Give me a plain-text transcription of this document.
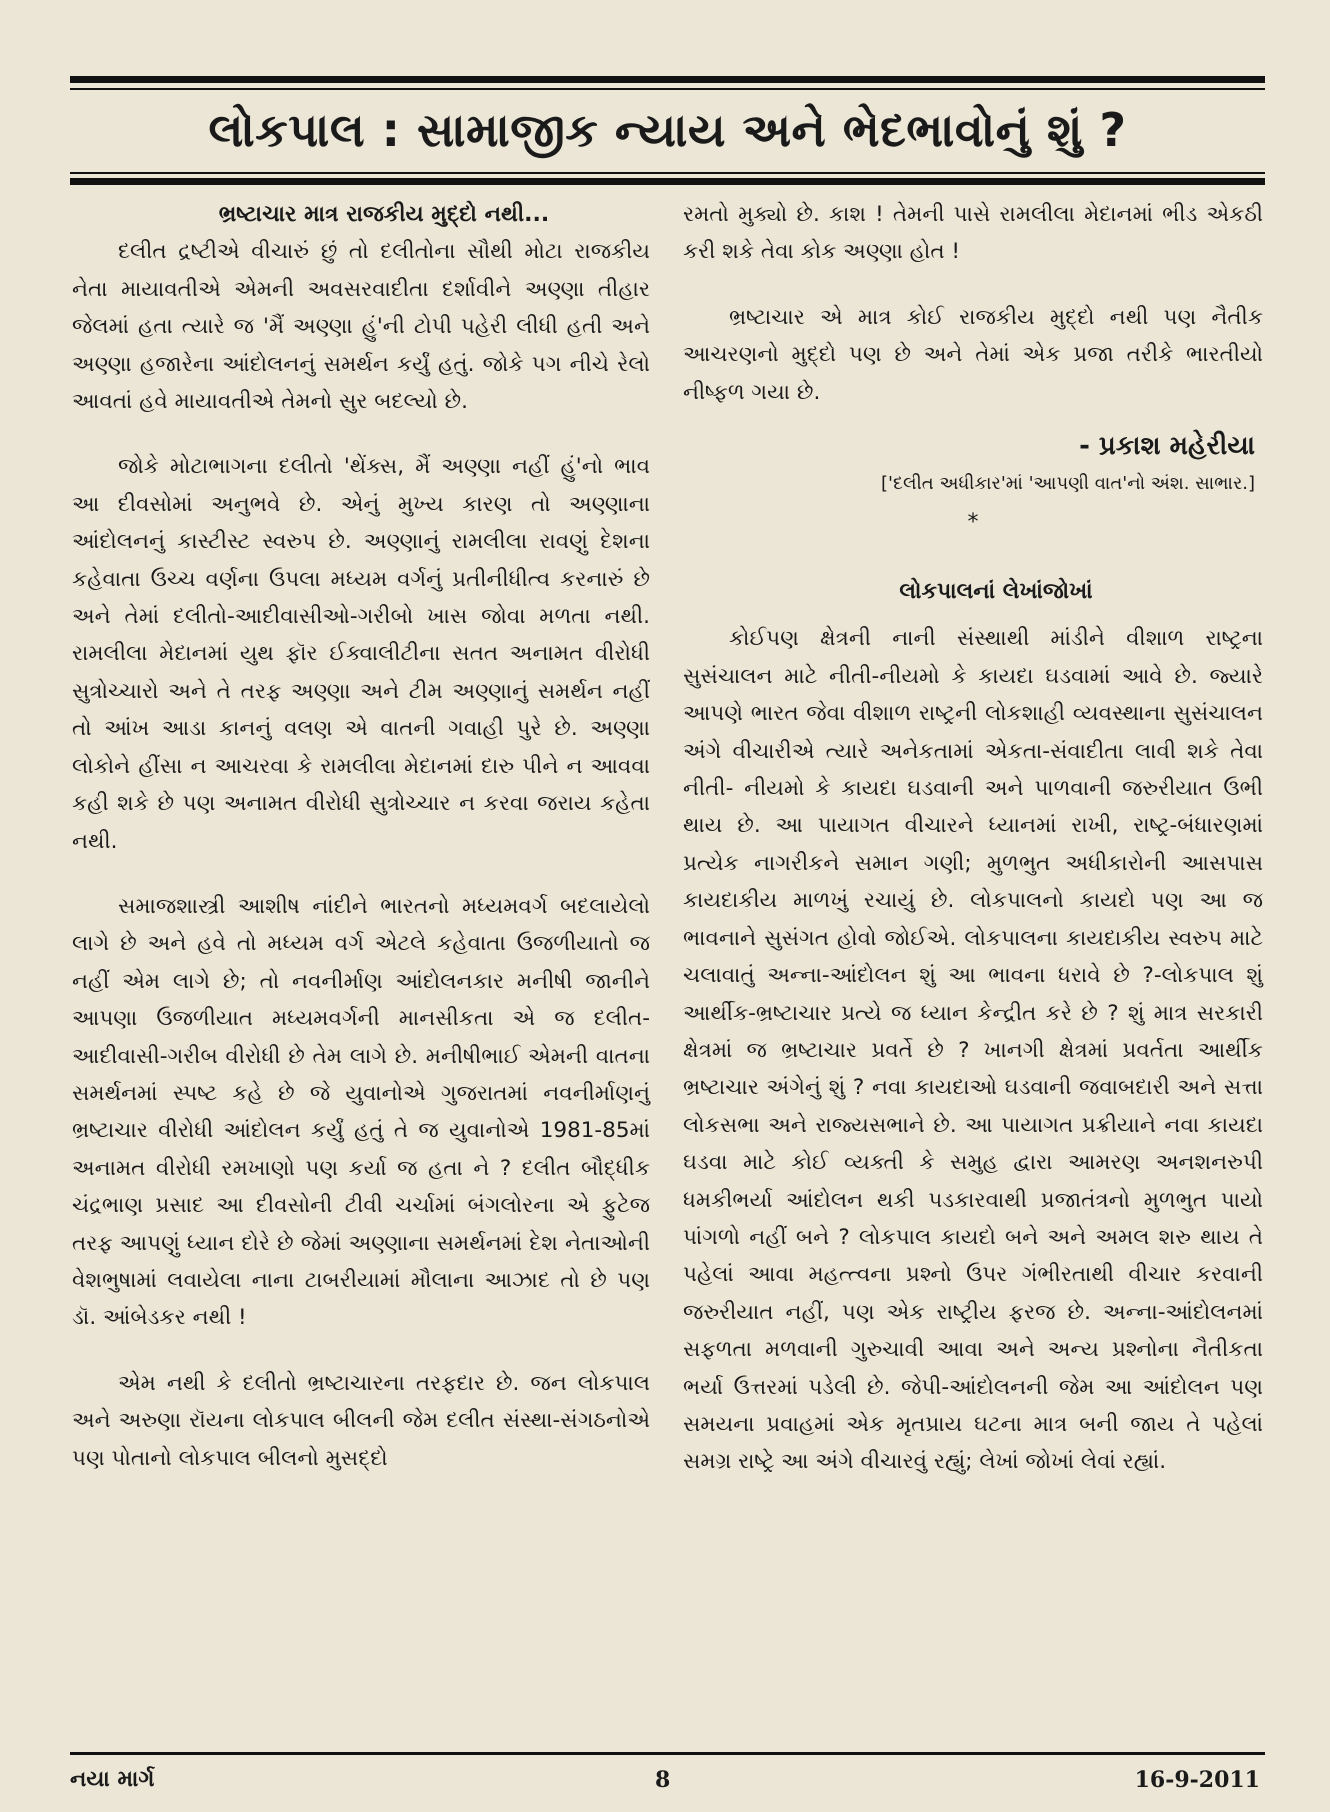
લોકપાલ : સામાજીક ન્યાય અને ભેદભાવોનું શું ?

ભ્રષ્ટાચાર માત્ર રાજકીય મુદ્દો નથી...

દલીત દ્રષ્ટીએ વીચારું છું તો દલીતોના સૌથી મોટા રાજકીય નેતા માયાવતીએ એમની અવસરવાદીતા દર્શાવીને અણ્ણા તીહાર જેલમાં હતા ત્યારે જ 'મૈં અણ્ણા હું'ની ટોપી પહેરી લીધી હતી અને અણ્ણા હજારેના આંદોલનનું સમર્થન કર્યું હતું. જોકે પગ નીચે રેલો આવતાં હવે માયાવતીએ તેમનો સુર બદલ્યો છે.

જોકે મોટાભાગના દલીતો 'થેંક્સ, મૈં અણ્ણા નહીં હું'નો ભાવ આ દીવસોમાં અનુભવે છે. એનું મુખ્ય કારણ તો અણ્ણાના આંદોલનનું કાસ્ટીસ્ટ સ્વરુપ છે. અણ્ણાનું રામલીલા રાવણું દેશના કહેવાતા ઉચ્ચ વર્ણના ઉપલા મધ્યમ વર્ગનું પ્રતીનીધીત્વ કરનારું છે અને તેમાં દલીતો-આદીવાસીઓ-ગરીબો ખાસ જોવા મળતા નથી. રામલીલા મેદાનમાં યુથ ફૉર ઈક્વાલીટીના સતત અનામત વીરોધી સુત્રોચ્ચારો અને તે તરફ અણ્ણા અને ટીમ અણ્ણાનું સમર્થન નહીં તો આંખ આડા કાનનું વલણ એ વાતની ગવાહી પુરે છે. અણ્ણા લોકોને હીંસા ન આચરવા કે રામલીલા મેદાનમાં દારુ પીને ન આવવા કહી શકે છે પણ અનામત વીરોધી સુત્રોચ્ચાર ન કરવા જરાય કહેતા નથી.

સમાજશાસ્ત્રી આશીષ નાંદીને ભારતનો મધ્યમવર્ગ બદલાયેલો લાગે છે અને હવે તો મધ્યમ વર્ગ એટલે કહેવાતા ઉજળીયાતો જ નહીં એમ લાગે છે; તો નવનીર્માણ આંદોલનકાર મનીષી જાનીને આપણા ઉજળીયાત મધ્યમવર્ગની માનસીકતા એ જ દલીત-આદીવાસી-ગરીબ વીરોધી છે તેમ લાગે છે. મનીષીભાઈ એમની વાતના સમર્થનમાં સ્પષ્ટ કહે છે જે યુવાનોએ ગુજરાતમાં નવનીર્માણનું ભ્રષ્ટાચાર વીરોધી આંદોલન કર્યું હતું તે જ યુવાનોએ 1981-85માં અનામત વીરોધી રમખાણો પણ કર્યા જ હતા ને ? દલીત બૌદ્ધીક ચંદ્રભાણ પ્રસાદ આ દીવસોની ટીવી ચર્ચામાં બંગલોરના એ ફુટેજ તરફ આપણું ધ્યાન દોરે છે જેમાં અણ્ણાના સમર્થનમાં દેશ નેતાઓની વેશભુષામાં લવાયેલા નાના ટાબરીયામાં મૌલાના આઝાદ તો છે પણ ડૉ. આંબેડકર નથી !

એમ નથી કે દલીતો ભ્રષ્ટાચારના તરફદાર છે. જન લોકપાલ અને અરુણા રૉયના લોકપાલ બીલની જેમ દલીત સંસ્થા-સંગઠનોએ પણ પોતાનો લોકપાલ બીલનો મુસદ્દો

રમતો મુક્યો છે. કાશ ! તેમની પાસે રામલીલા મેદાનમાં ભીડ એકઠી કરી શકે તેવા કોક અણ્ણા હોત !

ભ્રષ્ટાચાર એ માત્ર કોઈ રાજકીય મુદ્દો નથી પણ નૈતીક આચરણનો મુદ્દો પણ છે અને તેમાં એક પ્રજા તરીકે ભારતીયો નીષ્ફળ ગયા છે.

- પ્રકાશ મહેરીયા
['દલીત અધીકાર'માં 'આપણી વાત'નો અંશ. સાભાર.]
*

લોકપાલનાં લેખાંજોખાં

કોઈપણ ક્ષેત્રની નાની સંસ્થાથી માંડીને વીશાળ રાષ્ટ્રના સુસંચાલન માટે નીતી-નીયમો કે કાયદા ઘડવામાં આવે છે. જ્યારે આપણે ભારત જેવા વીશાળ રાષ્ટ્રની લોકશાહી વ્યવસ્થાના સુસંચાલન અંગે વીચારીએ ત્યારે અનેકતામાં એકતા-સંવાદીતા લાવી શકે તેવા નીતી- નીયમો કે કાયદા ઘડવાની અને પાળવાની જરુરીયાત ઉભી થાય છે. આ પાયાગત વીચારને ધ્યાનમાં રાખી, રાષ્ટ્ર-બંધારણમાં પ્રત્યેક નાગરીકને સમાન ગણી; મુળભુત અધીકારોની આસપાસ કાયદાકીય માળખું રચાયું છે. લોકપાલનો કાયદો પણ આ જ ભાવનાને સુસંગત હોવો જોઈએ. લોકપાલના કાયદાકીય સ્વરુપ માટે ચલાવાતું અન્ના-આંદોલન શું આ ભાવના ધરાવે છે ?-લોકપાલ શું આર્થીક-ભ્રષ્ટાચાર પ્રત્યે જ ધ્યાન કેન્દ્રીત કરે છે ? શું માત્ર સરકારી ક્ષેત્રમાં જ ભ્રષ્ટાચાર પ્રવર્તે છે ? ખાનગી ક્ષેત્રમાં પ્રવર્તતા આર્થીક ભ્રષ્ટાચાર અંગેનું શું ? નવા કાયદાઓ ઘડવાની જવાબદારી અને સત્તા લોકસભા અને રાજ્યસભાને છે. આ પાયાગત પ્રક્રીયાને નવા કાયદા ઘડવા માટે કોઈ વ્યક્તી કે સમુહ દ્વારા આમરણ અનશનરુપી ધમકીભર્યા આંદોલન થકી પડકારવાથી પ્રજાતંત્રનો મુળભુત પાયો પાંગળો નહીં બને ? લોકપાલ કાયદો બને અને અમલ શરુ થાય તે પહેલાં આવા મહત્ત્વના પ્રશ્નો ઉપર ગંભીરતાથી વીચાર કરવાની જરુરીયાત નહીં, પણ એક રાષ્ટ્રીય ફરજ છે. અન્ના-આંદોલનમાં સફળતા મળવાની ગુરુચાવી આવા અને અન્ય પ્રશ્નોના નૈતીકતા ભર્યા ઉત્તરમાં પડેલી છે. જેપી-આંદોલનની જેમ આ આંદોલન પણ સમયના પ્રવાહમાં એક મૃતપ્રાય ઘટના માત્ર બની જાય તે પહેલાં સમગ્ર રાષ્ટ્રે આ અંગે વીચારવું રહ્યું; લેખાં જોખાં લેવાં રહ્યાં.

નયા માર્ગ	8	16-9-2011
